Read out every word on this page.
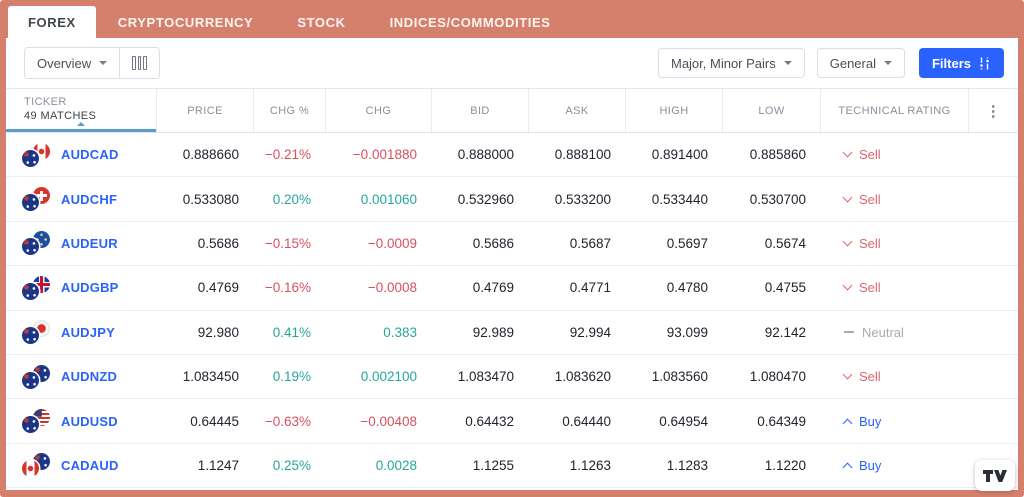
FOREX	CRYPTOCURRENCY	STOCK	INDICES/COMMODITIES
Overview	Major, Minor Pairs	General	Filters
TICKER
49 MATCHES	PRICE	CHG %	CHG	BID	ASK	HIGH	LOW	TECHNICAL RATING	⋮
AUDCAD	0.888660	−0.21%	−0.001880	0.888000	0.888100	0.891400	0.885860	Sell
AUDCHF	0.533080	0.20%	0.001060	0.532960	0.533200	0.533440	0.530700	Sell
AUDEUR	0.5686	−0.15%	−0.0009	0.5686	0.5687	0.5697	0.5674	Sell
AUDGBP	0.4769	−0.16%	−0.0008	0.4769	0.4771	0.4780	0.4755	Sell
AUDJPY	92.980	0.41%	0.383	92.989	92.994	93.099	92.142	Neutral
AUDNZD	1.083450	0.19%	0.002100	1.083470	1.083620	1.083560	1.080470	Sell
AUDUSD	0.64445	−0.63%	−0.00408	0.64432	0.64440	0.64954	0.64349	Buy
CADAUD	1.1247	0.25%	0.0028	1.1255	1.1263	1.1283	1.1220	Buy
